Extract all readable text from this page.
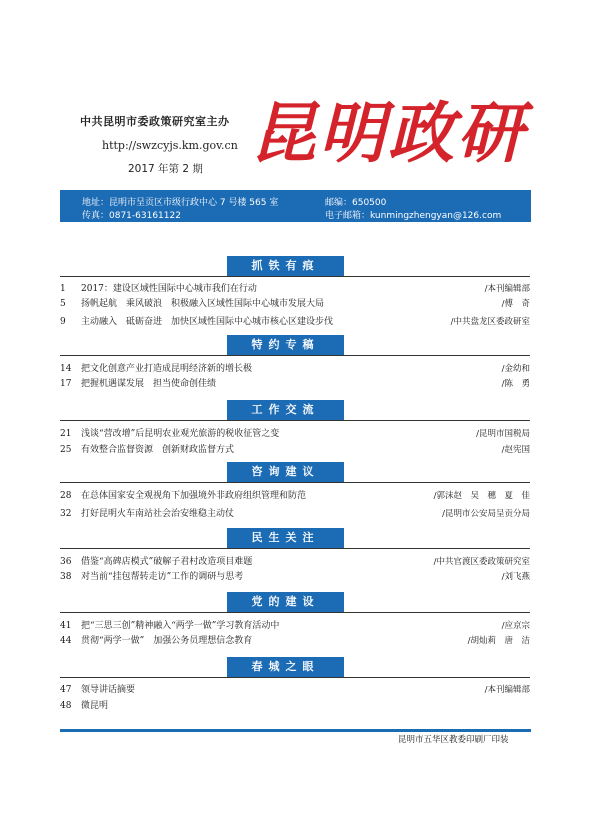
中共昆明市委政策研究室主办
http://swzcyjs.km.gov.cn
2017 年第 2 期 昆明政研
地址：昆明市呈贡区市级行政中心 7 号楼 565 室
传真：0871-63161122
邮编：650500
电子邮箱：kunmingzhengyan@126.com
抓铁有痕
1	2017：建设区域性国际中心城市我们在行动	/本刊编辑部
5	扬帆起航　乘风破浪　积极融入区域性国际中心城市发展大局	/傅　奇
9	主动融入　砥砺奋进　加快区域性国际中心城市核心区建设步伐	/中共盘龙区委政研室
特约专稿
14	把文化创意产业打造成昆明经济新的增长极	/金幼和
17	把握机遇谋发展　担当使命创佳绩	/陈　勇
工作交流
21	浅谈“营改增”后昆明农业观光旅游的税收征管之变	/昆明市国税局
25	有效整合监督资源　创新财政监督方式	/赵宪国
咨询建议
28	在总体国家安全观视角下加强境外非政府组织管理和防范	/郭沫赵　吴　穗　夏　佳
32	打好昆明火车南站社会治安维稳主动仗	/昆明市公安局呈贡分局
民生关注
36	借鉴“高碑店模式”破解子君村改造项目难题	/中共官渡区委政策研究室
38	对当前“挂包帮转走访”工作的调研与思考	/刘飞燕
党的建设
41	把“三思三创”精神融入“两学一做”学习教育活动中	/应京宗
44	贯彻“两学一做”　加强公务员理想信念教育	/胡灿莉　唐　洁
春城之眼
47	领导讲话摘要	/本刊编辑部
48	微昆明
昆明市五华区教委印刷厂印装
